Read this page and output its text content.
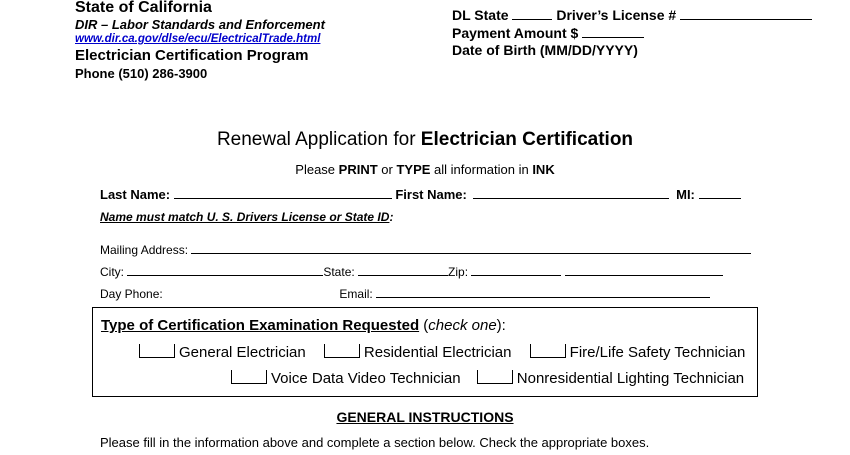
State of California
DIR – Labor Standards and Enforcement
www.dir.ca.gov/dlse/ecu/ElectricalTrade.html
Electrician Certification Program
Phone (510) 286-3900
DL State	Driver’s License #
Payment Amount $
Date of Birth (MM/DD/YYYY)
Renewal Application for Electrician Certification
Please PRINT or TYPE all information in INK
Last Name:	First Name:	MI:
Name must match U. S. Drivers License or State ID:
Mailing Address:
City:	State:	Zip:
Day Phone:	Email:
Type of Certification Examination Requested (check one):
General Electrician	Residential Electrician	Fire/Life Safety Technician
Voice Data Video Technician	Nonresidential Lighting Technician
GENERAL INSTRUCTIONS
Please fill in the information above and complete a section below. Check the appropriate boxes.
